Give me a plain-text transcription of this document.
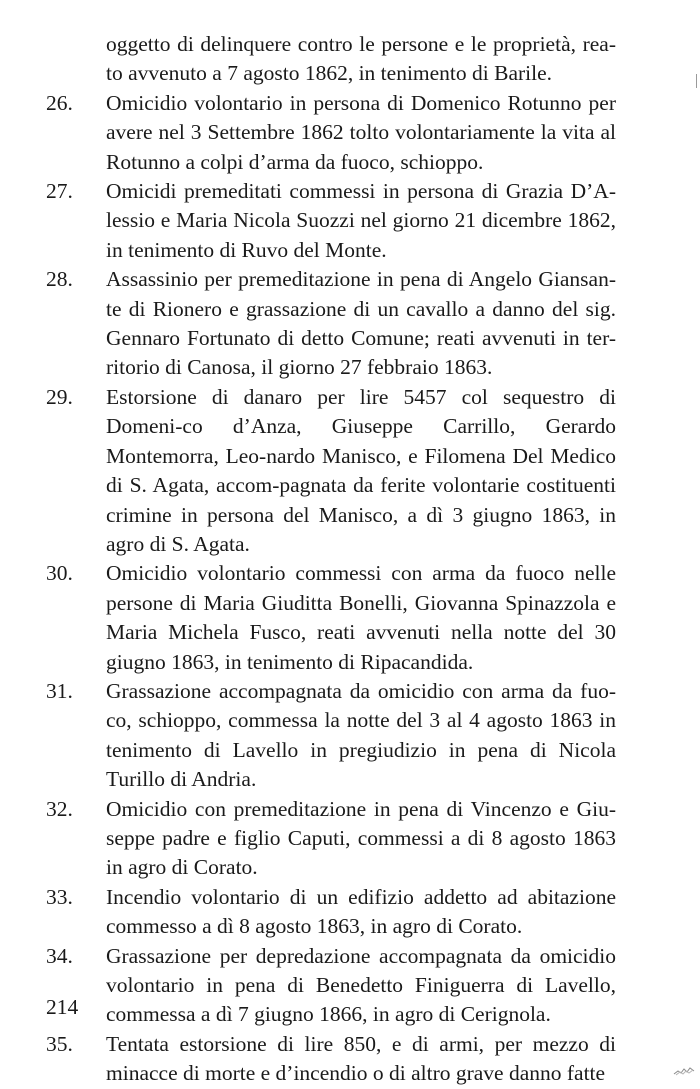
oggetto di delinquere contro le persone e le proprietà, rea-to avvenuto a 7 agosto 1862, in tenimento di Barile.
26.	Omicidio volontario in persona di Domenico Rotunno per avere nel 3 Settembre 1862 tolto volontariamente la vita al Rotunno a colpi d’arma da fuoco, schioppo.
27.	Omicidi premeditati commessi in persona di Grazia D’A-lessio e Maria Nicola Suozzi nel giorno 21 dicembre 1862, in tenimento di Ruvo del Monte.
28.	Assassinio per premeditazione in pena di Angelo Giansan-te di Rionero e grassazione di un cavallo a danno del sig. Gennaro Fortunato di detto Comune; reati avvenuti in ter-ritorio di Canosa, il giorno 27 febbraio 1863.
29.	Estorsione di danaro per lire 5457 col sequestro di Domeni-co d’Anza, Giuseppe Carrillo, Gerardo Montemorra, Leo-nardo Manisco, e Filomena Del Medico di S. Agata, accom-pagnata da ferite volontarie costituenti crimine in persona del Manisco, a dì 3 giugno 1863, in agro di S. Agata.
30.	Omicidio volontario commessi con arma da fuoco nelle persone di Maria Giuditta Bonelli, Giovanna Spinazzola e Maria Michela Fusco, reati avvenuti nella notte del 30 giugno 1863, in tenimento di Ripacandida.
31.	Grassazione accompagnata da omicidio con arma da fuo-co, schioppo, commessa la notte del 3 al 4 agosto 1863 in tenimento di Lavello in pregiudizio in pena di Nicola Turillo di Andria.
32.	Omicidio con premeditazione in pena di Vincenzo e Giu-seppe padre e figlio Caputi, commessi a di 8 agosto 1863 in agro di Corato.
33.	Incendio volontario di un edifizio addetto ad abitazione commesso a dì 8 agosto 1863, in agro di Corato.
34.	Grassazione per depredazione accompagnata da omicidio volontario in pena di Benedetto Finiguerra di Lavello, commessa a dì 7 giugno 1866, in agro di Cerignola.
35.	Tentata estorsione di lire 850, e di armi, per mezzo di minacce di morte e d’incendio o di altro grave danno fatte
214
